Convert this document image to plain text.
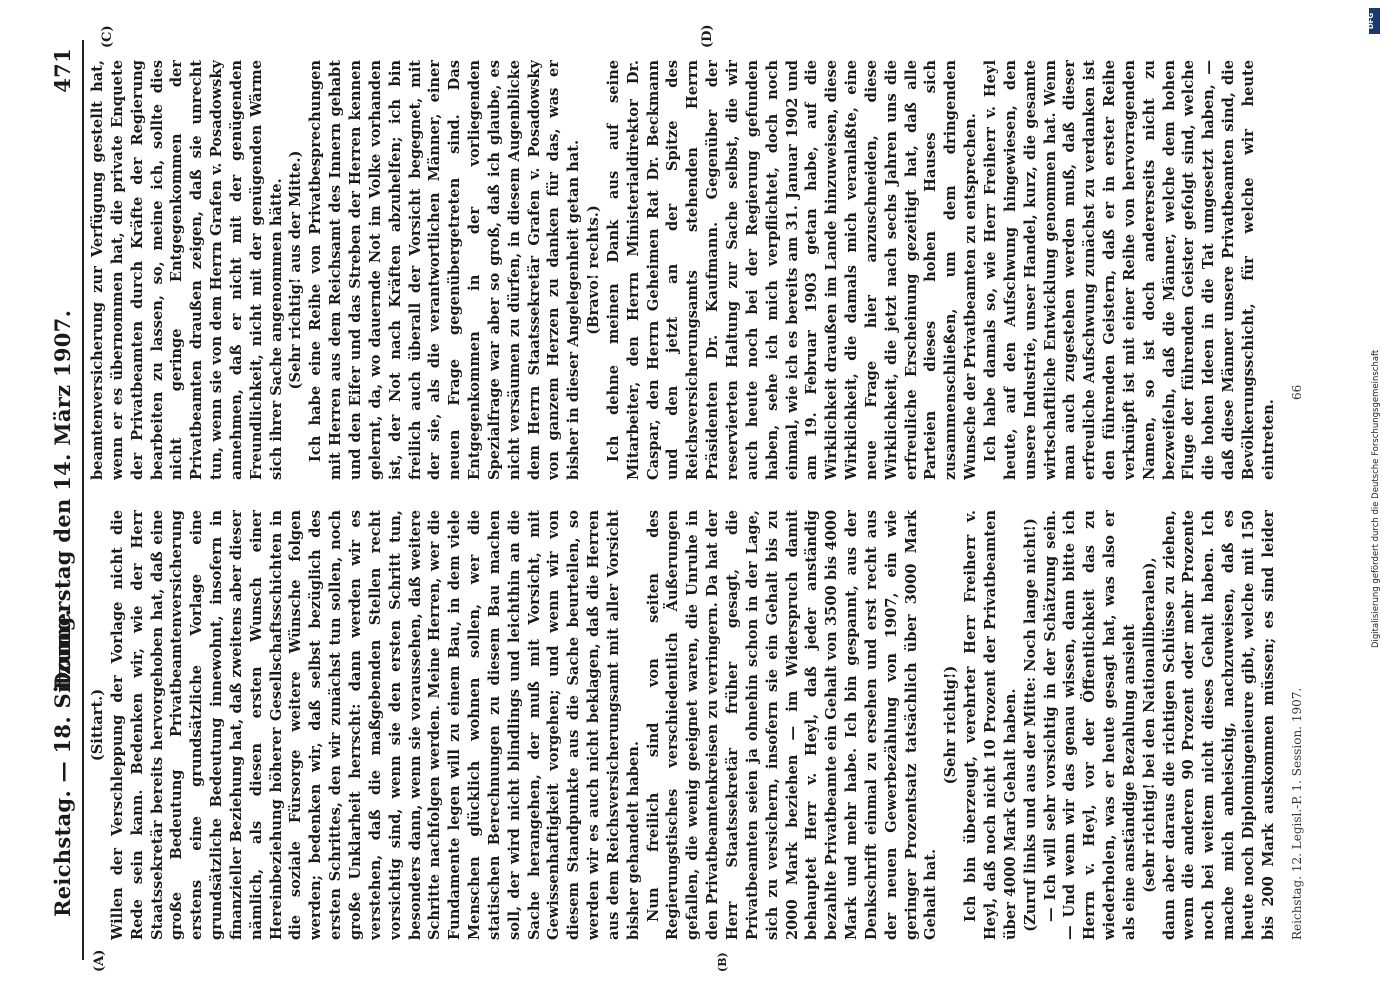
Reichstag. — 18. Sitzung.
Donnerstag den 14. März 1907.
471
(A)	(B)
(C)	(D)

(Sittart.) Willen der Verschleppung der Vorlage nicht die Rede sein kann. Bedenken wir, wie der Herr Staatssekretär bereits hervorgehoben hat, daß eine große Bedeutung Privatbeamtenversicherung erstens eine grundsätzliche Vorlage eine grundsätzliche Bedeutung innewohnt, insofern in finanzieller Beziehung hat, daß zweitens aber dieser nämlich, als diesen ersten Wunsch einer Hereinbeziehung höherer Gesellschaftsschichten in die soziale Fürsorge weitere Wünsche folgen werden; bedenken wir, daß selbst bezüglich des ersten Schrittes, den wir zunächst tun sollen, noch große Unklarheit herrscht: dann werden wir es verstehen, daß die maßgebenden Stellen recht vorsichtig sind, wenn sie den ersten Schritt tun, besonders dann, wenn sie voraussehen, daß weitere Schritte nachfolgen werden. Meine Herren, wer die Fundamente legen will zu einem Bau, in dem viele Menschen glücklich wohnen sollen, wer die statischen Berechnungen zu diesem Bau machen soll, der wird nicht blindlings und leichthin an die Sache herangehen, der muß mit Vorsicht, mit Gewissenhaftigkeit vorgehen; und wenn wir von diesem Standpunkte aus die Sache beurteilen, so werden wir es auch nicht beklagen, daß die Herren aus dem Reichsversicherungsamt mit aller Vorsicht bisher gehandelt haben. Nun freilich sind von seiten des Regierungstisches verschiedentlich Äußerungen gefallen, die wenig geeignet waren, die Unruhe in den Privatbeamtenkreisen zu verringern. Da hat der Herr Staatssekretär früher gesagt, die Privatbeamten seien ja ohnehin schon in der Lage, sich zu versichern, insofern sie ein Gehalt bis zu 2000 Mark beziehen — im Widerspruch damit behauptet Herr v. Heyl, daß jeder anständig bezahlte Privatbeamte ein Gehalt von 3500 bis 4000 Mark und mehr habe. Ich bin gespannt, aus der Denkschrift einmal zu ersehen und erst recht aus der neuen Gewerbezählung von 1907, ein wie geringer Prozentsatz tatsächlich über 3000 Mark Gehalt hat.

(Sehr richtig!) Ich bin überzeugt, verehrter Herr Freiherr v. Heyl, daß noch nicht 10 Prozent der Privatbeamten über 4000 Mark Gehalt haben. (Zuruf links und aus der Mitte: Noch lange nicht!) — Ich will sehr vorsichtig in der Schätzung sein. — Und wenn wir das genau wissen, dann bitte ich Herrn v. Heyl, vor der Öffentlichkeit das zu wiederholen, was er heute gesagt hat, was also er als eine anständige Bezahlung ansieht (sehr richtig! bei den Nationalliberalen),

dann aber daraus die richtigen Schlüsse zu ziehen, wenn die anderen 90 Prozent oder mehr Prozente noch bei weitem nicht dieses Gehalt haben. Ich mache mich anheischig, nachzuweisen, daß es heute noch Diplomingenieure gibt, welche mit 150 bis 200 Mark auskommen müssen; es sind leider

beamtenversicherung zur Verfügung gestellt hat, wenn er es übernommen hat, die private Enquete der Privatbeamten durch Kräfte der Regierung bearbeiten zu lassen, so, meine ich, sollte dies nicht geringe Entgegenkommen der Privatbeamten draußen zeigen, daß sie unrecht tun, wenn sie von dem Herrn Grafen v. Posadowsky annehmen, daß er nicht mit der genügenden Freundlichkeit, nicht mit der genügenden Wärme sich ihrer Sache angenommen hätte. (Sehr richtig! aus der Mitte.) Ich habe eine Reihe von Privatbesprechungen mit Herren aus dem Reichsamt des Innern gehabt und den Eifer und das Streben der Herren kennen gelernt, da, wo dauernde Not im Volke vorhanden ist, der Not nach Kräften abzuhelfen; ich bin freilich auch überall der Vorsicht begegnet, mit der sie, als die verantwortlichen Männer, einer neuen Frage gegenübergetreten sind. Das Entgegenkommen in der vorliegenden Spezialfrage war aber so groß, daß ich glaube, es nicht versäumen zu dürfen, in diesem Augenblicke dem Herrn Staatssekretär Grafen v. Posadowsky von ganzem Herzen zu danken für das, was er bisher in dieser Angelegenheit getan hat. (Bravo! rechts.) Ich dehne meinen Dank aus auf seine Mitarbeiter, den Herrn Ministerialdirektor Dr. Caspar, den Herrn Geheimen Rat Dr. Beckmann und den jetzt an der Spitze des Reichsversicherungsamts stehenden Herrn Präsidenten Dr. Kaufmann. Gegenüber der reservierten Haltung zur Sache selbst, die wir auch heute noch bei der Regierung gefunden haben, sehe ich mich verpflichtet, doch noch einmal, wie ich es bereits am 31. Januar 1902 und am 19. Februar 1903 getan habe, auf die Wirklichkeit draußen im Lande hinzuweisen, diese Wirklichkeit, die damals mich veranlaßte, eine neue Frage hier anzuschneiden, diese Wirklichkeit, die jetzt nach sechs Jahren uns die erfreuliche Erscheinung gezeitigt hat, daß alle Parteien dieses hohen Hauses sich zusammenschließen, um dem dringenden Wunsche der Privatbeamten zu entsprechen. Ich habe damals so, wie Herr Freiherr v. Heyl heute, auf den Aufschwung hingewiesen, den unsere Industrie, unser Handel, kurz, die gesamte wirtschaftliche Entwicklung genommen hat. Wenn man auch zugestehen werden muß, daß dieser erfreuliche Aufschwung zunächst zu verdanken ist den führenden Geistern, daß er in erster Reihe verknüpft ist mit einer Reihe von hervorragenden Namen, so ist doch andererseits nicht zu bezweifeln, daß die Männer, welche dem hohen Fluge der führenden Geister gefolgt sind, welche die hohen Ideen in die Tat umgesetzt haben, — daß diese Männer unsere Privatbeamten sind, die Bevölkerungsschicht, für welche wir heute eintreten.

Reichstag. 12. Legisl.-P. 1. Session. 1907.
66
DFG
Digitalisierung gefördert durch die Deutsche Forschungsgemeinschaft
